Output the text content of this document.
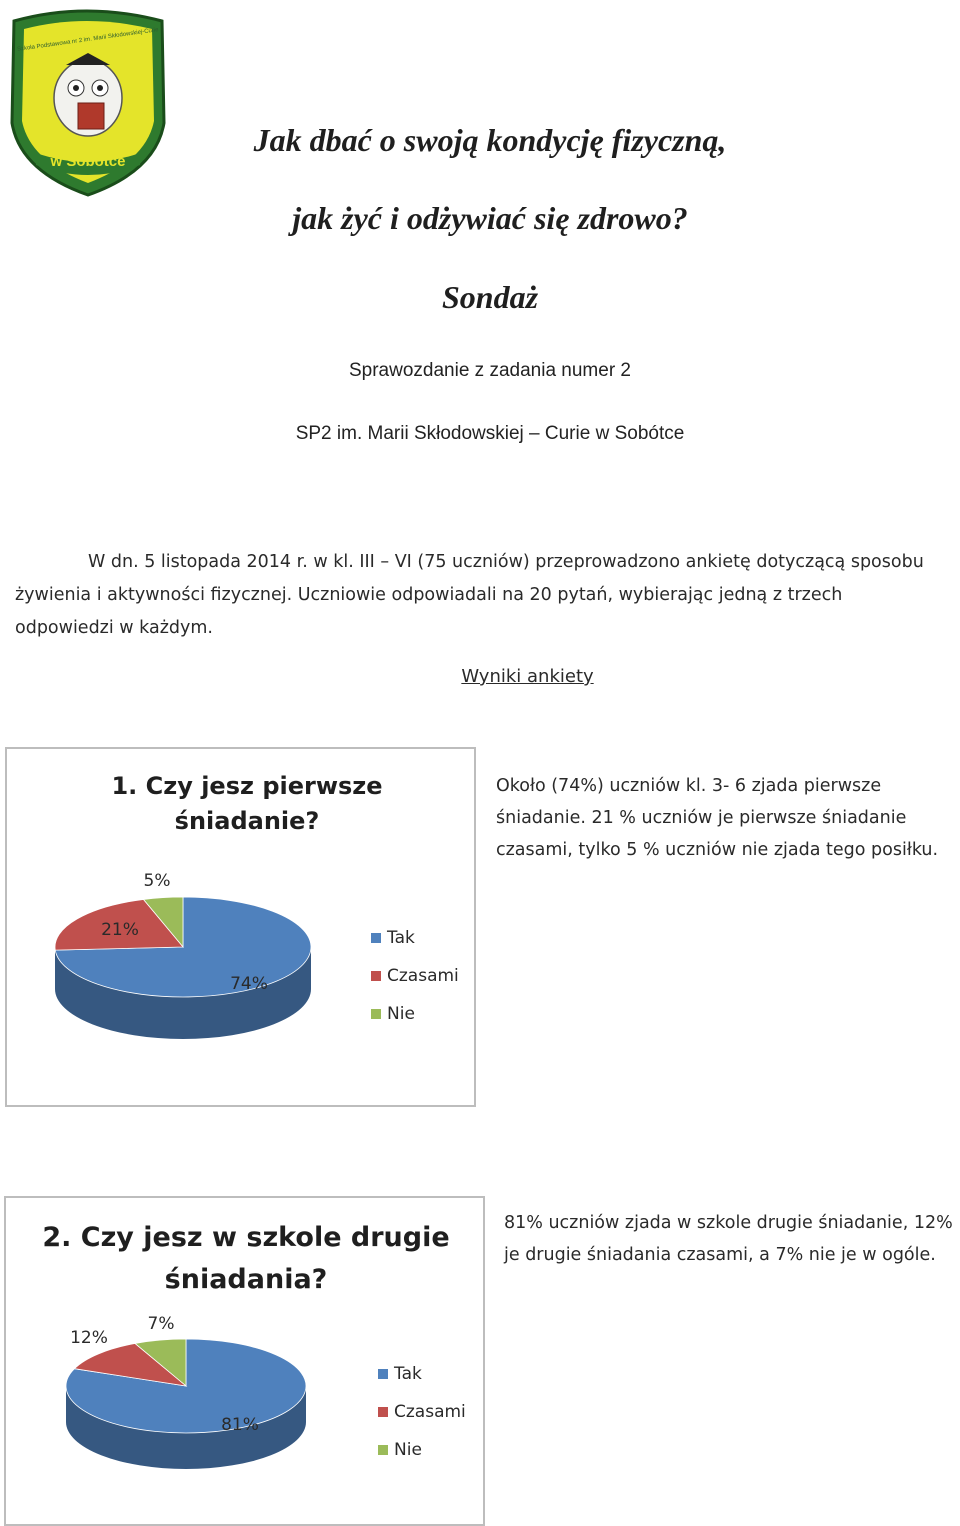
w Sobótce
Szkoła Podstawowa nr 2 im. Marii Skłodowskiej-Curie
Jak dbać o swoją kondycję fizyczną,
jak żyć i odżywiać się zdrowo?
Sondaż
Sprawozdanie z zadania numer 2
SP2 im. Marii Skłodowskiej – Curie w Sobótce
W dn. 5 listopada 2014 r. w kl. III – VI (75 uczniów) przeprowadzono ankietę dotyczącą sposobu żywienia i aktywności fizycznej. Uczniowie odpowiadali na 20 pytań, wybierając jedną z trzech odpowiedzi w każdym.
Wyniki ankiety
1. Czy jesz pierwsze
śniadanie?
74%
21%
5%
Tak
Czasami
Nie
Około (74%) uczniów kl. 3- 6 zjada pierwsze śniadanie. 21 % uczniów je pierwsze śniadanie czasami, tylko 5 % uczniów nie zjada tego posiłku.
2. Czy jesz w szkole drugie
śniadania?
81%
12%
7%
Tak
Czasami
Nie
81% uczniów zjada w szkole drugie śniadanie, 12% je drugie śniadania czasami, a 7% nie je w ogóle.
